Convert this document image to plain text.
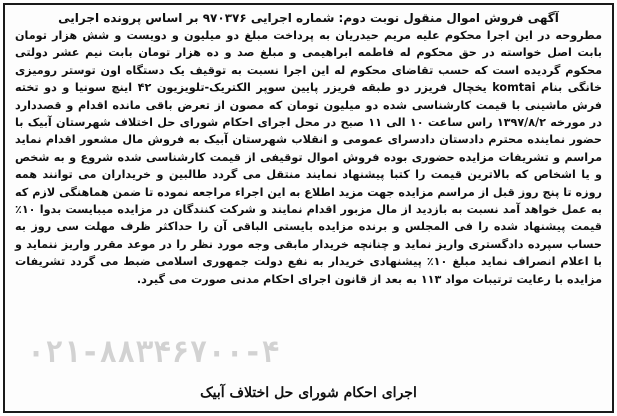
آگهی فروش اموال منقول نوبت دوم: شماره اجرایی ۹۷۰۳۷۶ بر اساس پرونده اجرایی

مطروحه در این اجرا محکوم علیه مریم حیدریان به پرداخت مبلغ دو میلیون و دویست و شش هزار تومان بابت اصل خواسته در حق محکوم له فاطمه ابراهیمی و مبلغ صد و ده هزار تومان بابت نیم عشر دولتی محکوم گردیده است که حسب تقاضای محکوم له این اجرا نسبت به توقیف یک دستگاه اون توستر رومیزی خانگی بنام komtai یخچال فریزر دو طبقه فریزر پایین سوپر الکتریک-تلویزیون ۴۲ اینچ سونیا و دو تخته فرش ماشینی با قیمت کارشناسی شده دو میلیون تومان که مصون از تعرض باقی مانده اقدام و قصددارد در مورخه ۱۳۹۷/۸/۲ راس ساعت ۱۰ الی ۱۱ صبح در محل اجرای احکام شورای حل اختلاف شهرستان آبیک با حضور نماینده محترم دادستان دادسرای عمومی و انقلاب شهرستان آبیک به فروش مال مشعور اقدام نماید مراسم و تشریفات مزایده حضوری بوده فروش اموال توقیفی از قیمت کارشناسی شده شروع و به شخص و یا اشخاص که بالاترین قیمت را کتبا پیشنهاد نمایند منتقل می گردد طالبین و خریداران می توانند همه روزه تا پنج روز قبل از مراسم مزایده جهت مزید اطلاع به این اجراء مراجعه نموده تا ضمن هماهنگی لازم که به عمل خواهد آمد نسبت به بازدید از مال مزبور اقدام نمایند و شرکت کنندگان در مزایده میبایست بدوا ۱۰٪ قیمت پیشنهاد شده را فی المجلس و برنده مزایده بایستی الباقی آن را حداکثر ظرف مهلت سی روز به حساب سپرده دادگستری واریز نماید و چنانچه خریدار مابقی وجه مورد نظر را در موعد مقرر واریز ننماید و با اعلام انصراف نماید مبلغ ۱۰٪ پیشنهادی خریدار به نفع دولت جمهوری اسلامی ضبط می گردد تشریفات مزایده با رعایت ترتیبات مواد ۱۱۳ به بعد از قانون اجرای احکام مدنی صورت می گیرد.

۰۲۱-۸۸۳۴۶۷۰۰-۴
اجرای احکام شورای حل اختلاف آبیک
